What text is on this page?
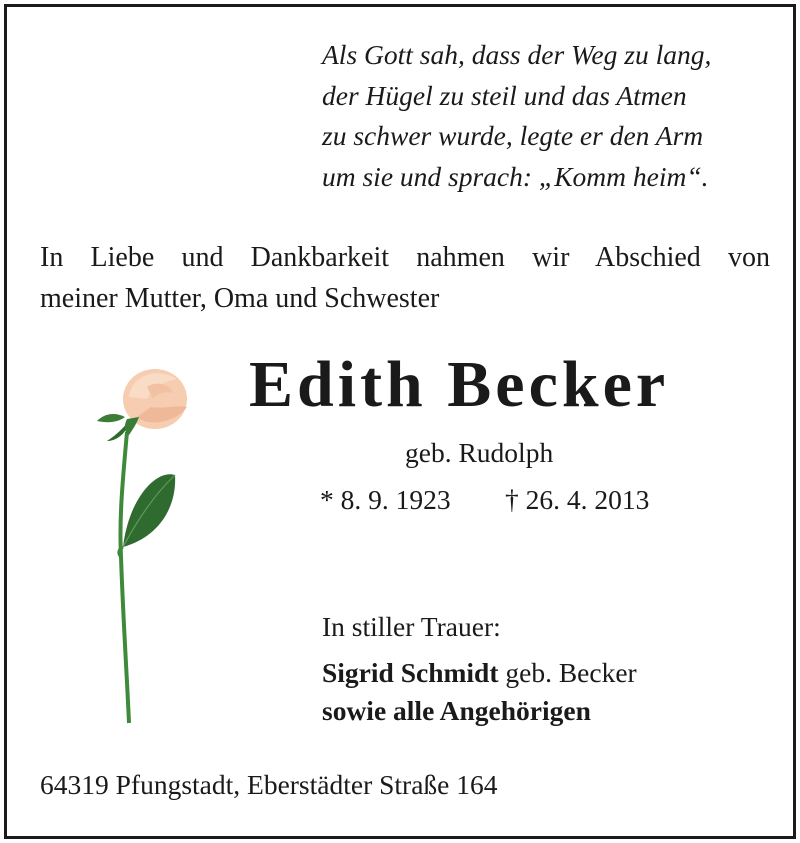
Als Gott sah, dass der Weg zu lang,
der Hügel zu steil und das Atmen
zu schwer wurde, legte er den Arm
um sie und sprach: „Komm heim“.
In Liebe und Dankbarkeit nahmen wir Abschied von
meiner Mutter, Oma und Schwester
Edith Becker
geb. Rudolph
* 8. 9. 1923 † 26. 4. 2013
In stiller Trauer:
Sigrid Schmidt geb. Becker
sowie alle Angehörigen
64319 Pfungstadt, Eberstädter Straße 164
